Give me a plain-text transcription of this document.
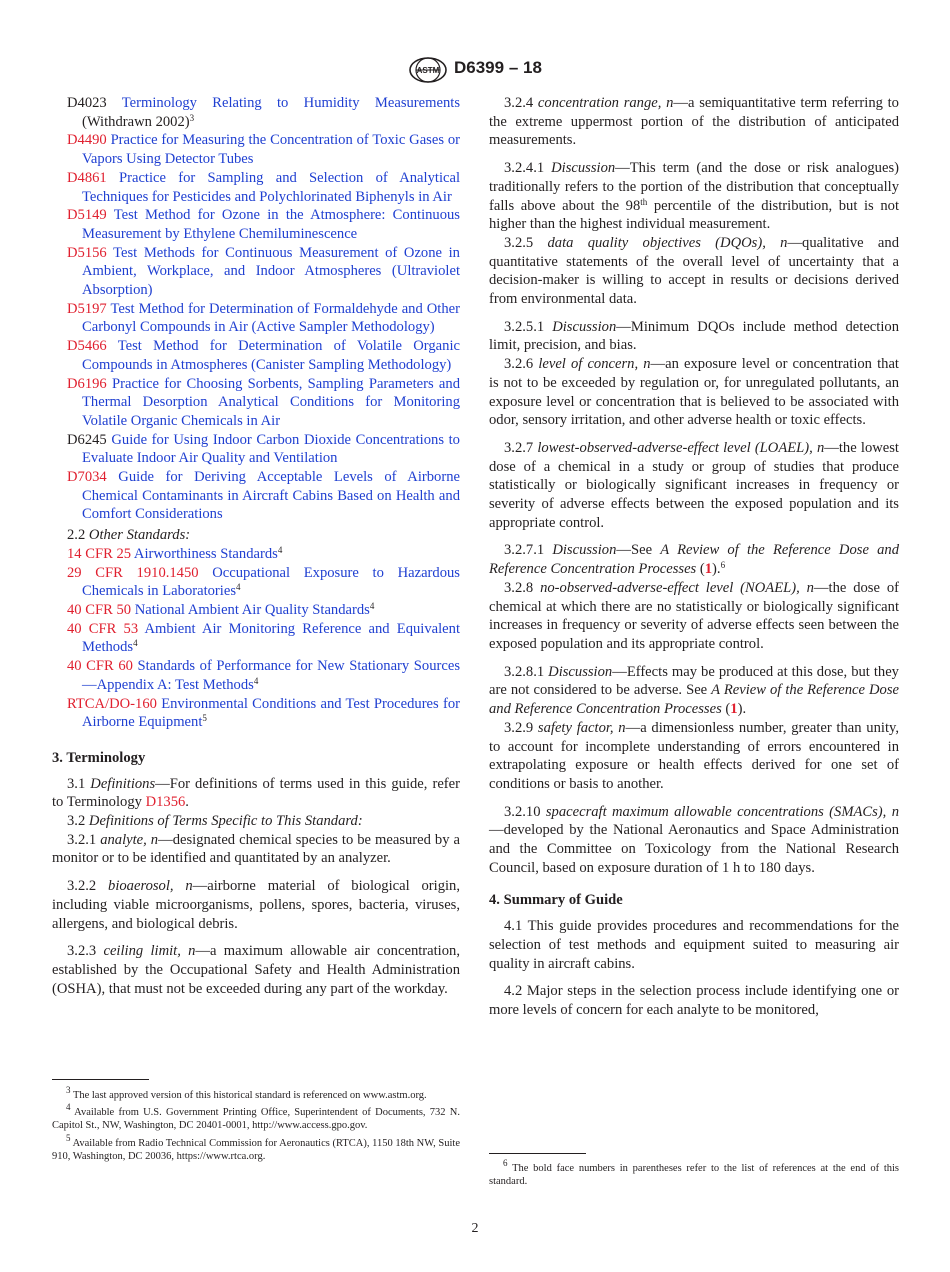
ASTM D6399 – 18

D4023 Terminology Relating to Humidity Measurements (Withdrawn 2002)$^3$

D4490 Practice for Measuring the Concentration of Toxic Gases or Vapors Using Detector Tubes

D4861 Practice for Sampling and Selection of Analytical Techniques for Pesticides and Polychlorinated Biphenyls in Air

D5149 Test Method for Ozone in the Atmosphere: Continuous Measurement by Ethylene Chemiluminescence

D5156 Test Methods for Continuous Measurement of Ozone in Ambient, Workplace, and Indoor Atmospheres (Ultraviolet Absorption)

D5197 Test Method for Determination of Formaldehyde and Other Carbonyl Compounds in Air (Active Sampler Methodology)

D5466 Test Method for Determination of Volatile Organic Compounds in Atmospheres (Canister Sampling Methodology)

D6196 Practice for Choosing Sorbents, Sampling Parameters and Thermal Desorption Analytical Conditions for Monitoring Volatile Organic Chemicals in Air

D6245 Guide for Using Indoor Carbon Dioxide Concentrations to Evaluate Indoor Air Quality and Ventilation

D7034 Guide for Deriving Acceptable Levels of Airborne Chemical Contaminants in Aircraft Cabins Based on Health and Comfort Considerations

2.2 Other Standards:

14 CFR 25 Airworthiness Standards$^4$

29 CFR 1910.1450 Occupational Exposure to Hazardous Chemicals in Laboratories$^4$

40 CFR 50 National Ambient Air Quality Standards$^4$

40 CFR 53 Ambient Air Monitoring Reference and Equivalent Methods$^4$

40 CFR 60 Standards of Performance for New Stationary Sources—Appendix A: Test Methods$^4$

RTCA/DO-160 Environmental Conditions and Test Procedures for Airborne Equipment$^5$

3. Terminology

3.1 Definitions—For definitions of terms used in this guide, refer to Terminology D1356.

3.2 Definitions of Terms Specific to This Standard:

3.2.1 analyte, n—designated chemical species to be measured by a monitor or to be identified and quantitated by an analyzer.

3.2.2 bioaerosol, n—airborne material of biological origin, including viable microorganisms, pollens, spores, bacteria, viruses, allergens, and biological debris.

3.2.3 ceiling limit, n—a maximum allowable air concentration, established by the Occupational Safety and Health Administration (OSHA), that must not be exceeded during any part of the workday.

3.2.4 concentration range, n—a semiquantitative term referring to the extreme uppermost portion of the distribution of anticipated measurements.

3.2.4.1 Discussion—This term (and the dose or risk analogues) traditionally refers to the portion of the distribution that conceptually falls above about the 98th percentile of the distribution, but is not higher than the highest individual measurement.

3.2.5 data quality objectives (DQOs), n—qualitative and quantitative statements of the overall level of uncertainty that a decision-maker is willing to accept in results or decisions derived from environmental data.

3.2.5.1 Discussion—Minimum DQOs include method detection limit, precision, and bias.

3.2.6 level of concern, n—an exposure level or concentration that is not to be exceeded by regulation or, for unregulated pollutants, an exposure level or concentration that is believed to be associated with odor, sensory irritation, and other adverse health or toxic effects.

3.2.7 lowest-observed-adverse-effect level (LOAEL), n—the lowest dose of a chemical in a study or group of studies that produce statistically or biologically significant increases in frequency or severity of adverse effects between the exposed population and its appropriate control.

3.2.7.1 Discussion—See A Review of the Reference Dose and Reference Concentration Processes (1).$^6$

3.2.8 no-observed-adverse-effect level (NOAEL), n—the dose of chemical at which there are no statistically or biologically significant increases in frequency or severity of adverse effects seen between the exposed population and its appropriate control.

3.2.8.1 Discussion—Effects may be produced at this dose, but they are not considered to be adverse. See A Review of the Reference Dose and Reference Concentration Processes (1).

3.2.9 safety factor, n—a dimensionless number, greater than unity, to account for incomplete understanding of errors encountered in extrapolating exposure or health effects derived for one set of conditions or basis to another.

3.2.10 spacecraft maximum allowable concentrations (SMACs), n—developed by the National Aeronautics and Space Administration and the Committee on Toxicology from the National Research Council, based on exposure duration of 1 h to 180 days.

4. Summary of Guide

4.1 This guide provides procedures and recommendations for the selection of test methods and equipment suited to measuring air quality in aircraft cabins.

4.2 Major steps in the selection process include identifying one or more levels of concern for each analyte to be monitored,

$^3$ The last approved version of this historical standard is referenced on www.astm.org.

$^4$ Available from U.S. Government Printing Office, Superintendent of Documents, 732 N. Capitol St., NW, Washington, DC 20401-0001, http://www.access.gpo.gov.

$^5$ Available from Radio Technical Commission for Aeronautics (RTCA), 1150 18th NW, Suite 910, Washington, DC 20036, https://www.rtca.org.

$^6$ The bold face numbers in parentheses refer to the list of references at the end of this standard.

2
